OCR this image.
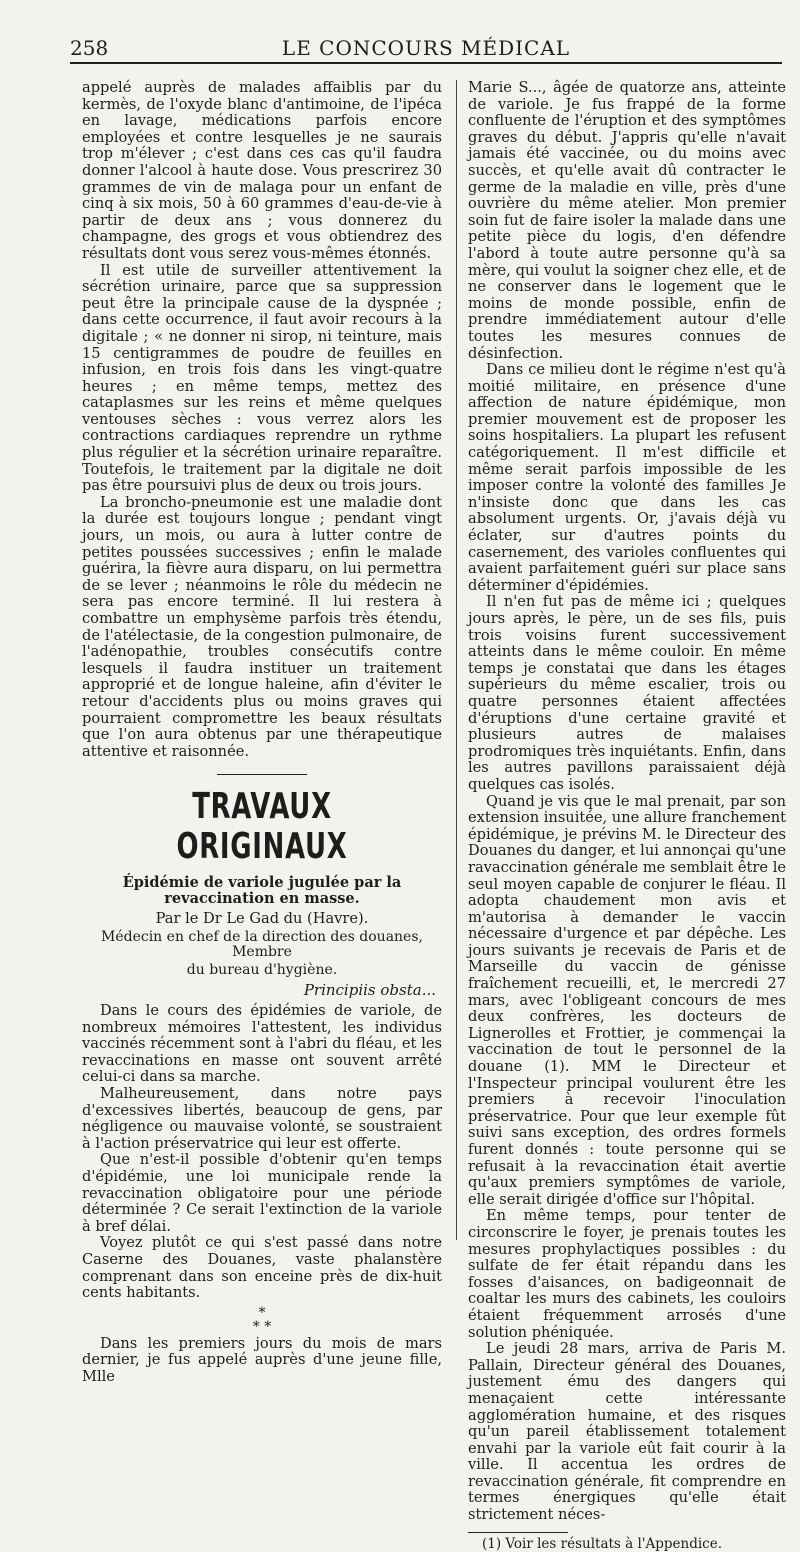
258	LE CONCOURS MÉDICAL

appelé auprès de malades affaiblis par du kermès, de l'oxyde blanc d'antimoine, de l'ipéca en lavage, médications parfois encore employées et contre lesquelles je ne saurais trop m'élever ; c'est dans ces cas qu'il faudra donner l'alcool à haute dose. Vous prescrirez 30 grammes de vin de malaga pour un enfant de cinq à six mois, 50 à 60 grammes d'eau-de-vie à partir de deux ans ; vous donnerez du champagne, des grogs et vous obtiendrez des résultats dont vous serez vous-mêmes étonnés.

Il est utile de surveiller attentivement la sécrétion urinaire, parce que sa suppression peut être la principale cause de la dyspnée ; dans cette occurrence, il faut avoir recours à la digitale ; « ne donner ni sirop, ni teinture, mais 15 centigrammes de poudre de feuilles en infusion, en trois fois dans les vingt-quatre heures ; en même temps, mettez des cataplasmes sur les reins et même quelques ventouses sèches : vous verrez alors les contractions cardiaques reprendre un rythme plus régulier et la sécrétion urinaire reparaître. Toutefois, le traitement par la digitale ne doit pas être poursuivi plus de deux ou trois jours.

La broncho-pneumonie est une maladie dont la durée est toujours longue ; pendant vingt jours, un mois, ou aura à lutter contre de petites poussées successives ; enfin le malade guérira, la fièvre aura disparu, on lui permettra de se lever ; néanmoins le rôle du médecin ne sera pas encore terminé. Il lui restera à combattre un emphysème parfois très étendu, de l'atélectasie, de la congestion pulmonaire, de l'adénopathie, troubles consécutifs contre lesquels il faudra instituer un traitement approprié et de longue haleine, afin d'éviter le retour d'accidents plus ou moins graves qui pourraient compromettre les beaux résultats que l'on aura obtenus par une thérapeutique attentive et raisonnée.

TRAVAUX ORIGINAUX
Épidémie de variole jugulée par la
revaccination en masse.
Par le Dr Le Gad du (Havre).
Médecin en chef de la direction des douanes, Membre
du bureau d'hygiène.
Principiis obsta...

Dans le cours des épidémies de variole, de nombreux mémoires l'attestent, les individus vaccinés récemment sont à l'abri du fléau, et les revaccinations en masse ont souvent arrêté celui-ci dans sa marche.

Malheureusement, dans notre pays d'excessives libertés, beaucoup de gens, par négligence ou mauvaise volonté, se soustraient à l'action préservatrice qui leur est offerte.

Que n'est-il possible d'obtenir qu'en temps d'épidémie, une loi municipale rende la revaccination obligatoire pour une période déterminée ? Ce serait l'extinction de la variole à bref délai.

Voyez plutôt ce qui s'est passé dans notre Caserne des Douanes, vaste phalanstère comprenant dans son enceine près de dix-huit cents habitants.

*
* *

Dans les premiers jours du mois de mars dernier, je fus appelé auprès d'une jeune fille, Mlle

Marie S..., âgée de quatorze ans, atteinte de variole. Je fus frappé de la forme confluente de l'éruption et des symptômes graves du début. J'appris qu'elle n'avait jamais été vaccinée, ou du moins avec succès, et qu'elle avait dû contracter le germe de la maladie en ville, près d'une ouvrière du même atelier. Mon premier soin fut de faire isoler la malade dans une petite pièce du logis, d'en défendre l'abord à toute autre personne qu'à sa mère, qui voulut la soigner chez elle, et de ne conserver dans le logement que le moins de monde possible, enfin de prendre immédiatement autour d'elle toutes les mesures connues de désinfection.

Dans ce milieu dont le régime n'est qu'à moitié militaire, en présence d'une affection de nature épidémique, mon premier mouvement est de proposer les soins hospitaliers. La plupart les refusent catégoriquement. Il m'est difficile et même serait parfois impossible de les imposer contre la volonté des familles Je n'insiste donc que dans les cas absolument urgents. Or, j'avais déjà vu éclater, sur d'autres points du casernement, des varioles confluentes qui avaient parfaitement guéri sur place sans déterminer d'épidémies.

Il n'en fut pas de même ici ; quelques jours après, le père, un de ses fils, puis trois voisins furent successivement atteints dans le même couloir. En même temps je constatai que dans les étages supérieurs du même escalier, trois ou quatre personnes étaient affectées d'éruptions d'une certaine gravité et plusieurs autres de malaises prodromiques très inquiétants. Enfin, dans les autres pavillons paraissaient déjà quelques cas isolés.

Quand je vis que le mal prenait, par son extension insuitée, une allure franchement épidémique, je prévins M. le Directeur des Douanes du danger, et lui annonçai qu'une ravaccination générale me semblait être le seul moyen capable de conjurer le fléau. Il adopta chaudement mon avis et m'autorisa à demander le vaccin nécessaire d'urgence et par dépêche. Les jours suivants je recevais de Paris et de Marseille du vaccin de génisse fraîchement recueilli, et, le mercredi 27 mars, avec l'obligeant concours de mes deux confrères, les docteurs de Lignerolles et Frottier, je commençai la vaccination de tout le personnel de la douane (1). MM le Directeur et l'Inspecteur principal voulurent être les premiers à recevoir l'inoculation préservatrice. Pour que leur exemple fût suivi sans exception, des ordres formels furent donnés : toute personne qui se refusait à la revaccination était avertie qu'aux premiers symptômes de variole, elle serait dirigée d'office sur l'hôpital.

En même temps, pour tenter de circonscrire le foyer, je prenais toutes les mesures prophylactiques possibles : du sulfate de fer était répandu dans les fosses d'aisances, on badigeonnait de coaltar les murs des cabinets, les couloirs étaient fréquemment arrosés d'une solution phéniquée.

Le jeudi 28 mars, arriva de Paris M. Pallain, Directeur général des Douanes, justement ému des dangers qui menaçaient cette intéressante agglomération humaine, et des risques qu'un pareil établissement totalement envahi par la variole eût fait courir à la ville. Il accentua les ordres de revaccination générale, fit comprendre en termes énergiques qu'elle était strictement néces-

(1) Voir les résultats à l'Appendice.
